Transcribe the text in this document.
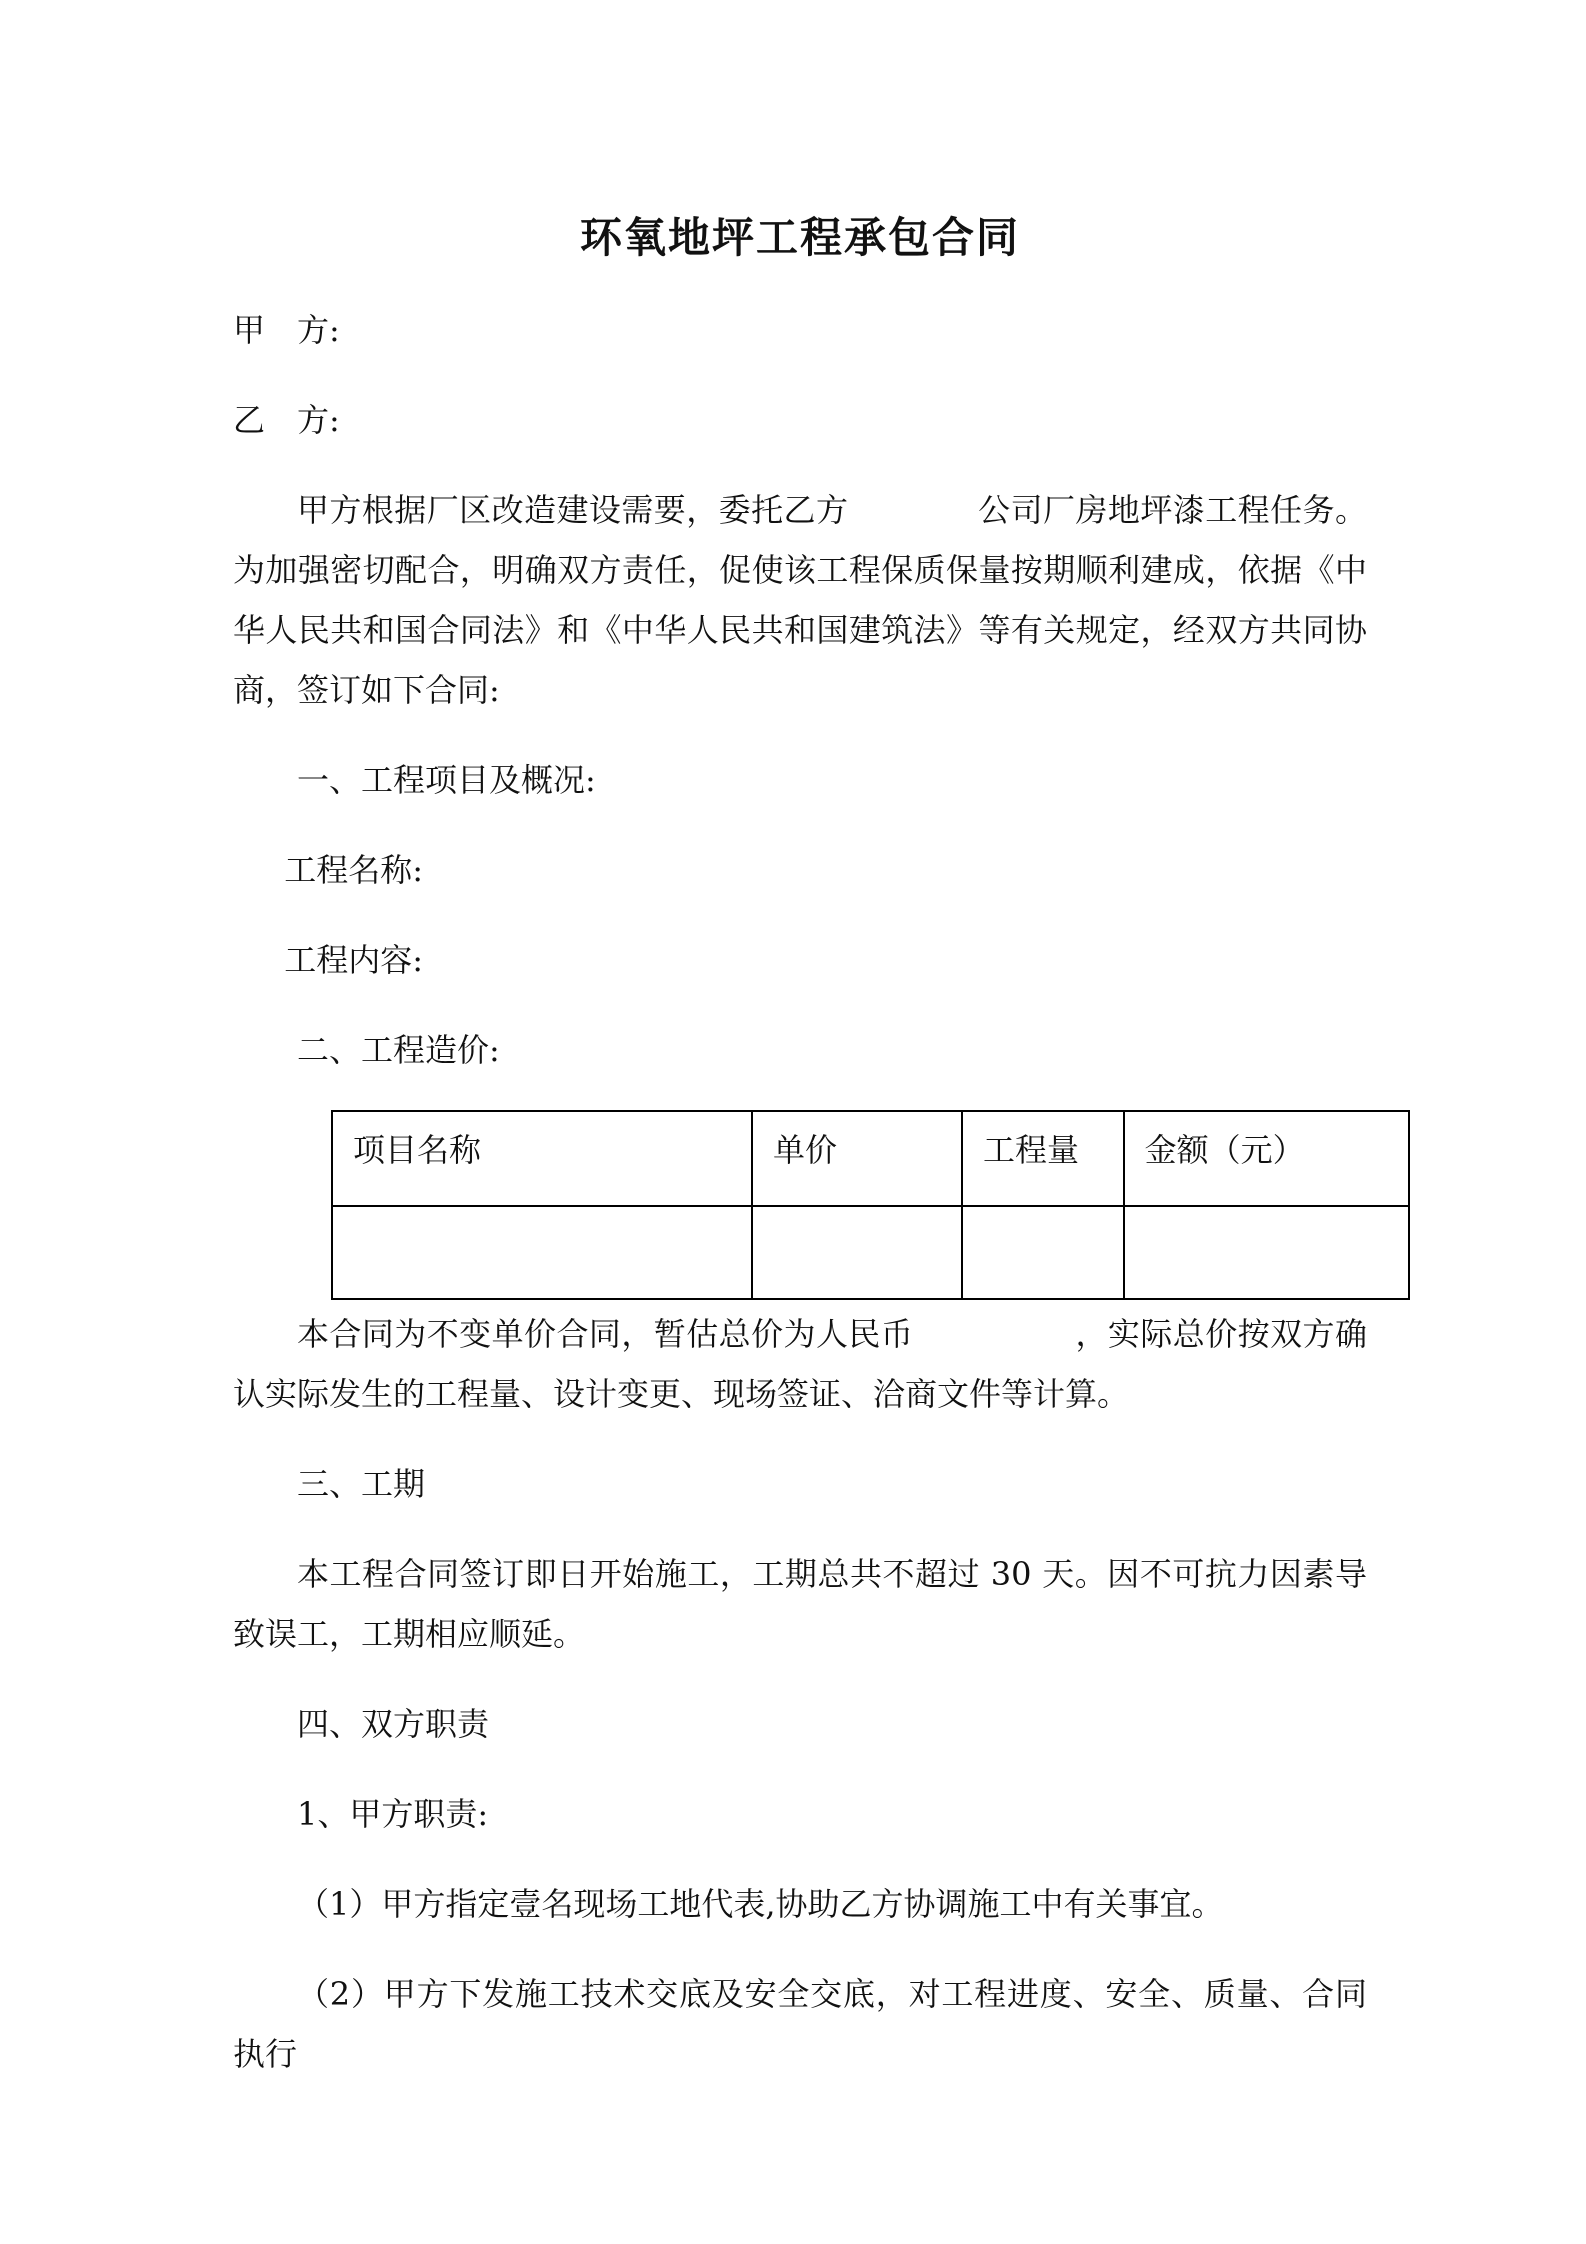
环氧地坪工程承包合同

甲　方:

乙　方:

甲方根据厂区改造建设需要，委托乙方　　　　公司厂房地坪漆工程任务。为加强密切配合，明确双方责任，促使该工程保质保量按期顺利建成，依据《中华人民共和国合同法》和《中华人民共和国建筑法》等有关规定，经双方共同协商，签订如下合同:

一、工程项目及概况:

工程名称:

工程内容:

二、工程造价:

项目名称	单价	工程量	金额（元）

本合同为不变单价合同，暂估总价为人民币　　　　　，实际总价按双方确认实际发生的工程量、设计变更、现场签证、洽商文件等计算。

三、工期

本工程合同签订即日开始施工，工期总共不超过 30 天。因不可抗力因素导致误工，工期相应顺延。

四、双方职责

1、甲方职责:

（1）甲方指定壹名现场工地代表,协助乙方协调施工中有关事宜。

（2）甲方下发施工技术交底及安全交底，对工程进度、安全、质量、合同执行
